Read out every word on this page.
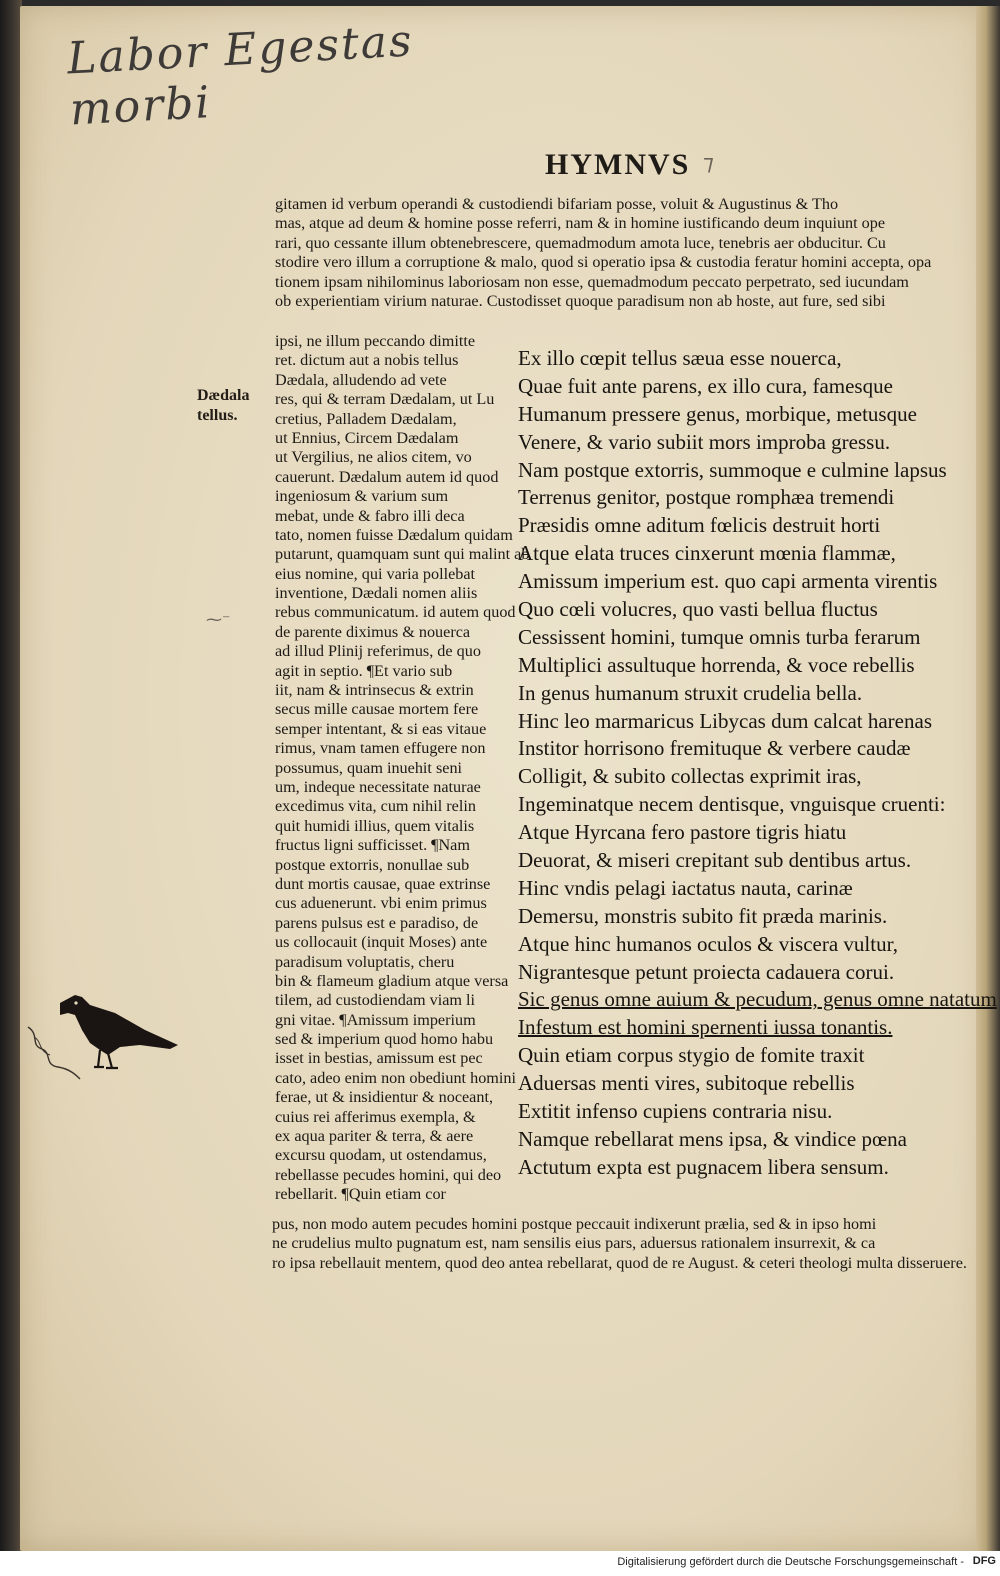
Labor Egestas morbi
HYMNVS ⁊
gitamen id verbum operandi & custodiendi bifariam posse, voluit & Augustinus & Tho
mas, atque ad deum & homine posse referri, nam & in homine iustificando deum inquiunt ope
rari, quo cessante illum obtenebrescere, quemadmodum amota luce, tenebris aer obducitur. Cu
stodire vero illum a corruptione & malo, quod si operatio ipsa & custodia feratur homini accepta, opa
tionem ipsam nihilominus laboriosam non esse, quemadmodum peccato perpetrato, sed iucundam
ob experientiam virium naturae. Custodisset quoque paradisum non ab hoste, aut fure, sed sibi
Dædala
tellus.
⁓⁻
ipsi, ne illum peccando dimitte
ret. dictum aut a nobis tellus
Dædala, alludendo ad vete
res, qui & terram Dædalam, ut Lu
cretius, Palladem Dædalam,
ut Ennius, Circem Dædalam
ut Vergilius, ne alios citem, vo
cauerunt. Dædalum autem id quod
ingeniosum & varium sum
mebat, unde & fabro illi deca
tato, nomen fuisse Dædalum quidam
putarunt, quamquam sunt qui malint ab
eius nomine, qui varia pollebat
inventione, Dædali nomen aliis
rebus communicatum. id autem quod
de parente diximus & nouerca
ad illud Plinij referimus, de quo
agit in septio. ¶Et vario sub
iit, nam & intrinsecus & extrin
secus mille causae mortem fere
semper intentant, & si eas vitaue
rimus, vnam tamen effugere non
possumus, quam inuehit seni
um, indeque necessitate naturae
excedimus vita, cum nihil relin
quit humidi illius, quem vitalis
fructus ligni sufficisset. ¶Nam
postque extorris, nonullae sub
dunt mortis causae, quae extrinse
cus aduenerunt. vbi enim primus
parens pulsus est e paradiso, de
us collocauit (inquit Moses) ante
paradisum voluptatis, cheru
bin & flameum gladium atque versa
tilem, ad custodiendam viam li
gni vitae. ¶Amissum imperium
sed & imperium quod homo habu
isset in bestias, amissum est pec
cato, adeo enim non obediunt homini
ferae, ut & insidientur & noceant,
cuius rei afferimus exempla, &
ex aqua pariter & terra, & aere
excursu quodam, ut ostendamus,
rebellasse pecudes homini, qui deo
rebellarit. ¶Quin etiam cor
Ex illo cœpit tellus sæua esse nouerca,
Quae fuit ante parens, ex illo cura, famesque
Humanum pressere genus, morbique, metusque
Venere, & vario subiit mors improba gressu.
Nam postque extorris, summoque e culmine lapsus
Terrenus genitor, postque romphæa tremendi
Præsidis omne aditum fœlicis destruit horti
Atque elata truces cinxerunt mœnia flammæ,
Amissum imperium est. quo capi armenta virentis
Quo cœli volucres, quo vasti bellua fluctus
Cessissent homini, tumque omnis turba ferarum
Multiplici assultuque horrenda, & voce rebellis
In genus humanum struxit crudelia bella.
Hinc leo marmaricus Libycas dum calcat harenas
Institor horrisono fremituque & verbere caudæ
Colligit, & subito collectas exprimit iras,
Ingeminatque necem dentisque, vnguisque cruenti:
Atque Hyrcana fero pastore tigris hiatu
Deuorat, & miseri crepitant sub dentibus artus.
Hinc vndis pelagi iactatus nauta, carinæ
Demersu, monstris subito fit præda marinis.
Atque hinc humanos oculos & viscera vultur,
Nigrantesque petunt proiecta cadauera corui.
Sic genus omne auium & pecudum, genus omne natatum
Infestum est homini spernenti iussa tonantis.
Quin etiam corpus stygio de fomite traxit
Aduersas menti vires, subitoque rebellis
Extitit infenso cupiens contraria nisu.
Namque rebellarat mens ipsa, & vindice pœna
Actutum expta est pugnacem libera sensum.
pus, non modo autem pecudes homini postque peccauit indixerunt prælia, sed & in ipso homi
ne crudelius multo pugnatum est, nam sensilis eius pars, aduersus rationalem insurrexit, & ca
ro ipsa rebellauit mentem, quod deo antea rebellarat, quod de re August. & ceteri theologi multa disseruere.
Digitalisierung gefördert durch die Deutsche Forschungsgemeinschaft - DFG
